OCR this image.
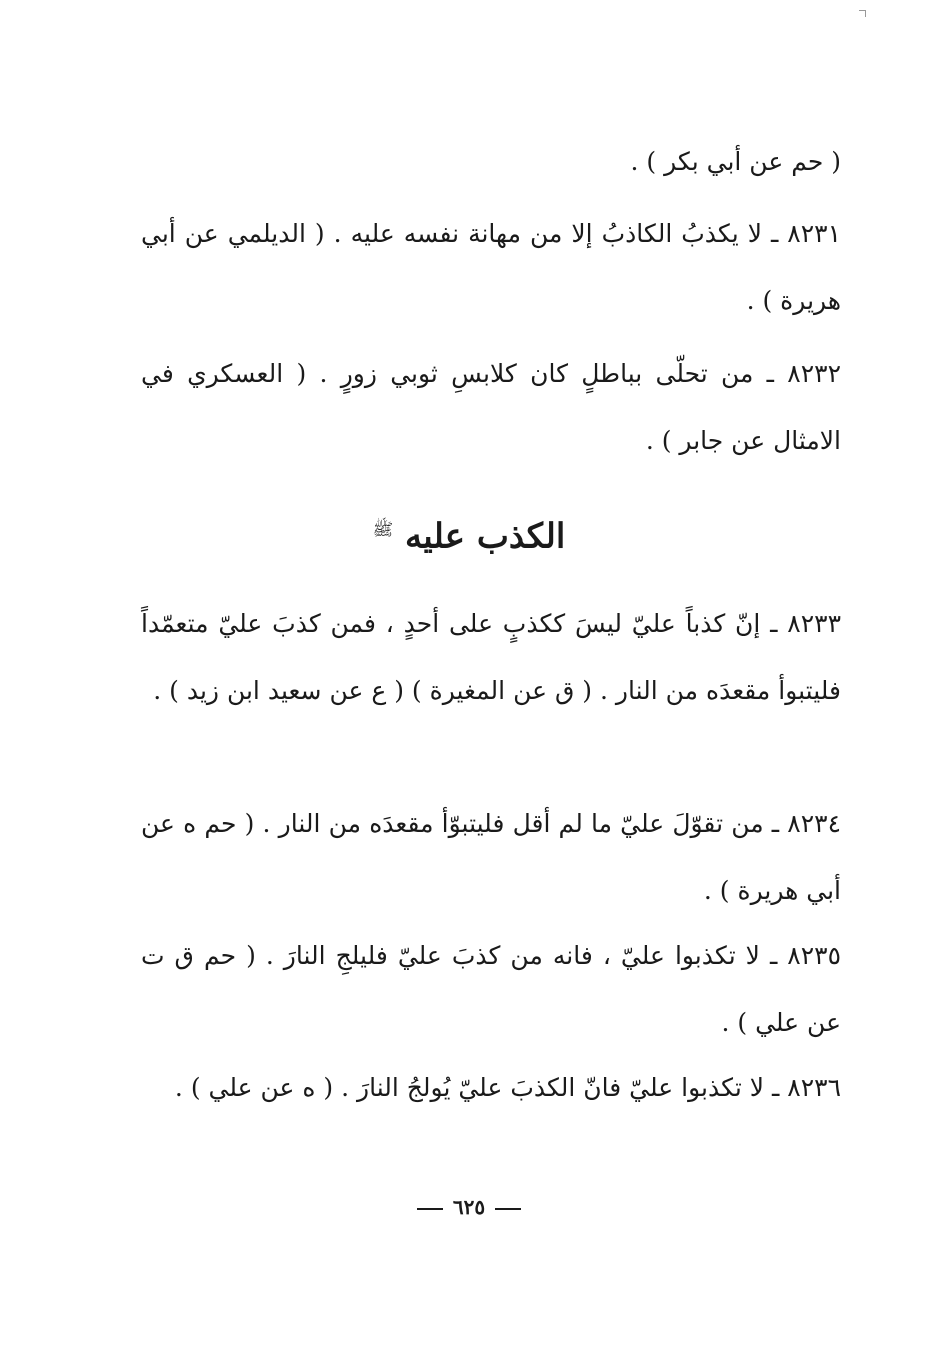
( حم عن أبي بكر ) .

٨٢٣١ ـ لا يكذبُ الكاذبُ إلا من مهانة نفسه عليه . ( الديلمي عن أبي هريرة ) .

٨٢٣٢ ـ من تحلّى بباطلٍ كان كلابسِ ثوبي زورٍ . ( العسكري في الامثال عن جابر ) .

الكذب عليه $^ﷺ$

٨٢٣٣ ـ إنّ كذباً عليّ ليسَ ككذبٍ على أحدٍ ، فمن كذبَ عليّ متعمّداً فليتبوأ مقعدَه من النار . ( ق عن المغيرة ) ( ع عن سعيد ابن زيد ) .

٨٢٣٤ ـ من تقوّلَ عليّ ما لم أقل فليتبوّأ مقعدَه من النار . ( حم ه عن أبي هريرة ) .

٨٢٣٥ ـ لا تكذبوا عليّ ، فانه من كذبَ عليّ فليلجِ النارَ . ( حم ق ت عن علي ) .

٨٢٣٦ ـ لا تكذبوا عليّ فانّ الكذبَ عليّ يُولجُ النارَ . ( ه عن علي ) .

٦٢٥
